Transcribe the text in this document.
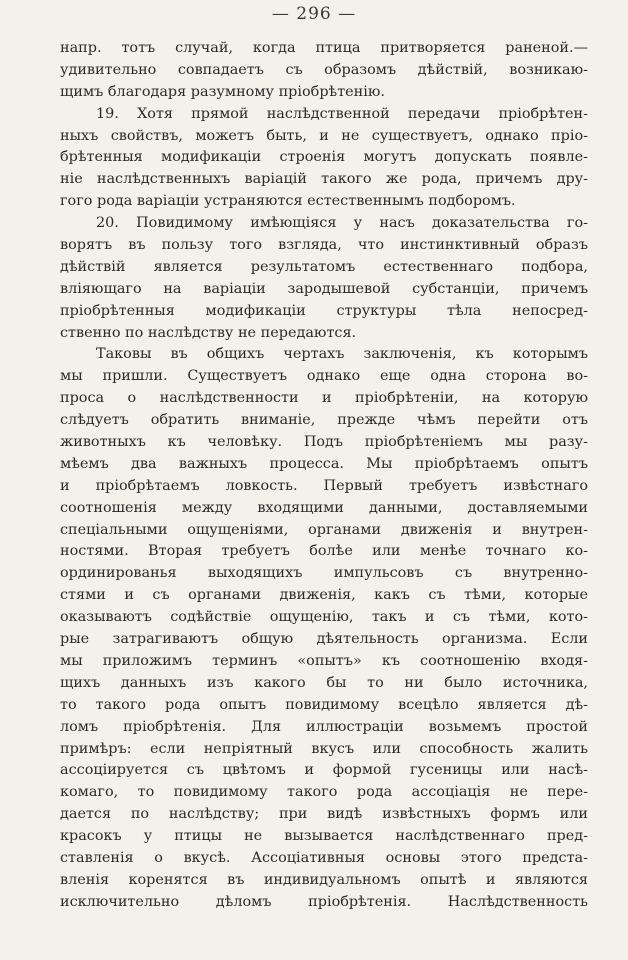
— 296 —
напр. тотъ случай, когда птица притворяется раненой.—
удивительно совпадаетъ съ образомъ дѣйствій, возникаю-
щимъ благодаря разумному пріобрѣтенію.
19. Хотя прямой наслѣдственной передачи пріобрѣтен-
ныхъ свойствъ, можетъ быть, и не существуетъ, однако пріо-
брѣтенныя модификаціи строенія могутъ допускать появле-
ніе наслѣдственныхъ варіацій такого же рода, причемъ дру-
гого рода варіаціи устраняются естественнымъ подборомъ.
20. Повидимому имѣющіяся у насъ доказательства го-
ворятъ въ пользу того взгляда, что инстинктивный образъ
дѣйствій является результатомъ естественнаго подбора,
вліяющаго на варіаціи зародышевой субстанціи, причемъ
пріобрѣтенныя модификаціи структуры тѣла непосред-
ственно по наслѣдству не передаются.
Таковы въ общихъ чертахъ заключенія, къ которымъ
мы пришли. Существуетъ однако еще одна сторона во-
проса о наслѣдственности и пріобрѣтеніи, на которую
слѣдуетъ обратить вниманіе, прежде чѣмъ перейти отъ
животныхъ къ человѣку. Подъ пріобрѣтеніемъ мы разу-
мѣемъ два важныхъ процесса. Мы пріобрѣтаемъ опытъ
и пріобрѣтаемъ ловкость. Первый требуетъ извѣстнаго
соотношенія между входящими данными, доставляемыми
спеціальными ощущеніями, органами движенія и внутрен-
ностями. Вторая требуетъ болѣе или менѣе точнаго ко-
ординированья выходящихъ импульсовъ съ внутренно-
стями и съ органами движенія, какъ съ тѣми, которые
оказываютъ содѣйствіе ощущенію, такъ и съ тѣми, кото-
рые затрагиваютъ общую дѣятельность организма. Если
мы приложимъ терминъ «опытъ» къ соотношенію входя-
щихъ данныхъ изъ какого бы то ни было источника,
то такого рода опытъ повидимому всецѣло является дѣ-
ломъ пріобрѣтенія. Для иллюстраціи возьмемъ простой
примѣръ: если непріятный вкусъ или способность жалить
ассоціируется съ цвѣтомъ и формой гусеницы или насѣ-
комаго, то повидимому такого рода ассоціація не пере-
дается по наслѣдству; при видѣ извѣстныхъ формъ или
красокъ у птицы не вызывается наслѣдственнаго пред-
ставленія о вкусѣ. Ассоціативныя основы этого предста-
вленія коренятся въ индивидуальномъ опытѣ и являются
исключительно дѣломъ пріобрѣтенія. Наслѣдственность
